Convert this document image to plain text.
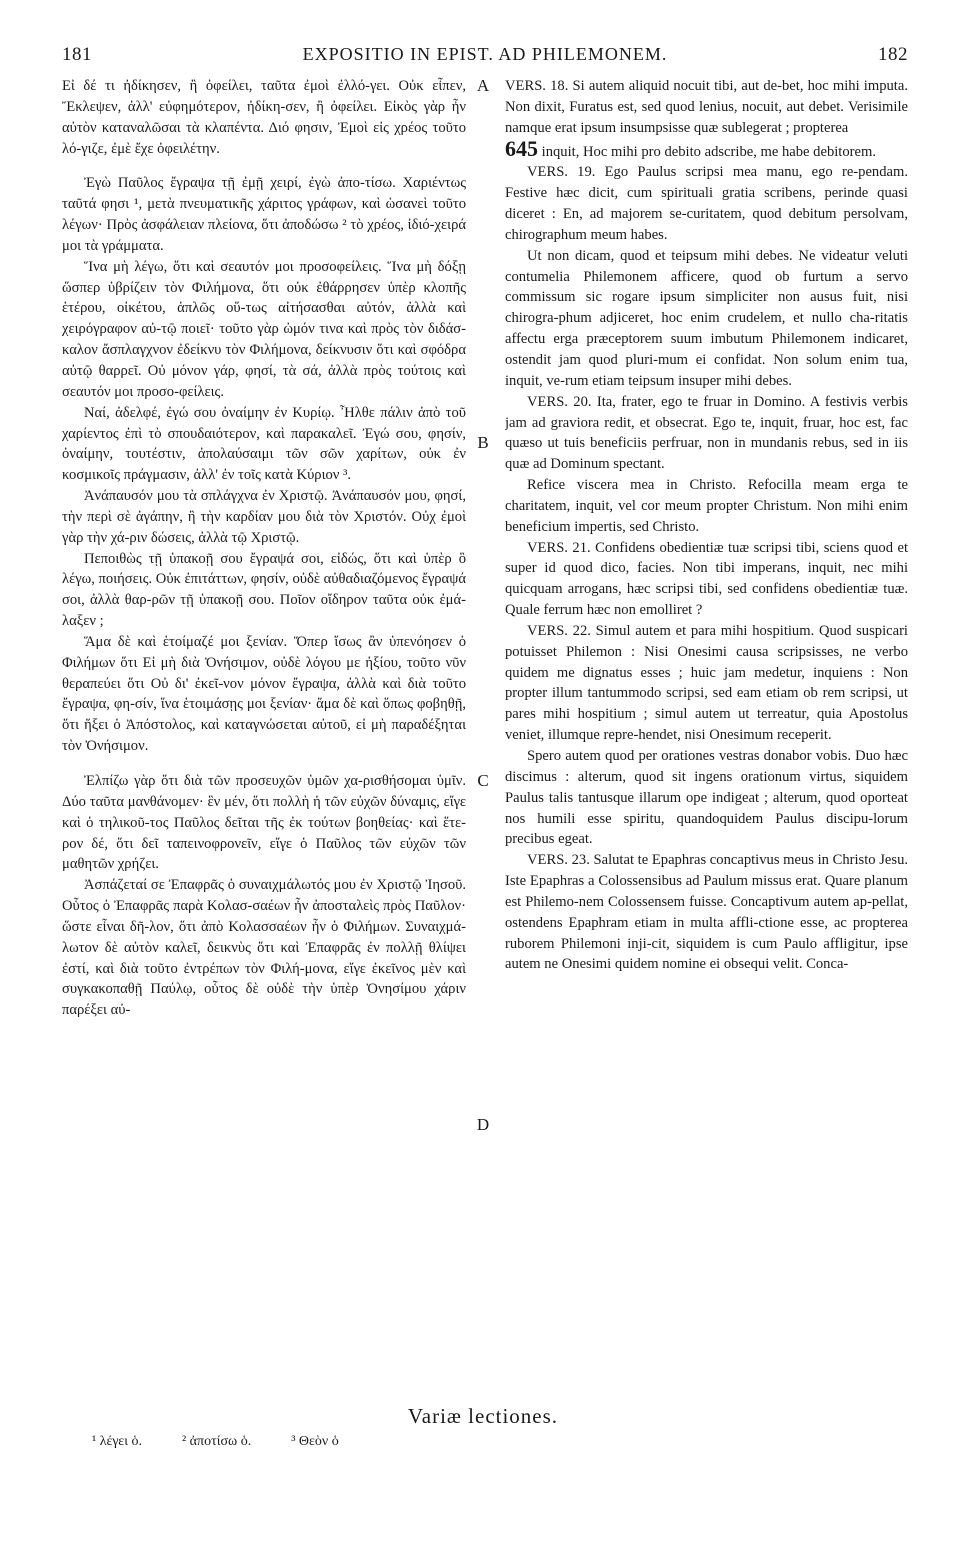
181	EXPOSITIO IN EPIST. AD PHILEMONEM.	182
A
B
C
D

Εἰ δέ τι ἠδίκησεν, ἢ ὀφείλει, ταῦτα ἐμοὶ ἐλλό-γει. Οὐκ εἶπεν, Ἔκλεψεν, ἀλλ' εὐφημότερον, ἠδίκη-σεν, ἢ ὀφείλει. Εἰκὸς γὰρ ἦν αὐτὸν καταναλῶσαι τὰ κλαπέντα. Διό φησιν, Ἐμοὶ εἰς χρέος τοῦτο λό-γιζε, ἐμὲ ἔχε ὀφειλέτην.

Ἐγὼ Παῦλος ἔγραψα τῇ ἐμῇ χειρί, ἐγὼ ἀπο-τίσω. Χαριέντως ταῦτά φησι ¹, μετὰ πνευματικῆς χάριτος γράφων, καὶ ὡσανεὶ τοῦτο λέγων· Πρὸς ἀσφάλειαν πλείονα, ὅτι ἀποδώσω ² τὸ χρέος, ἰδιό-χειρά μοι τὰ γράμματα.

Ἵνα μὴ λέγω, ὅτι καὶ σεαυτόν μοι προσοφείλεις. Ἵνα μὴ δόξῃ ὥσπερ ὑβρίζειν τὸν Φιλήμονα, ὅτι οὐκ ἐθάρρησεν ὑπὲρ κλοπῆς ἑτέρου, οἰκέτου, ἁπλῶς οὕ-τως αἰτήσασθαι αὐτόν, ἀλλὰ καὶ χειρόγραφον αὐ-τῷ ποιεῖ· τοῦτο γὰρ ὠμόν τινα καὶ πρὸς τὸν διδάσ-καλον ἄσπλαγχνον ἐδείκνυ τὸν Φιλήμονα, δείκνυσιν ὅτι καὶ σφόδρα αὐτῷ θαρρεῖ. Οὐ μόνον γάρ, φησί, τὰ σά, ἀλλὰ πρὸς τούτοις καὶ σεαυτόν μοι προσο-φείλεις.

Ναί, ἀδελφέ, ἐγώ σου ὀναίμην ἐν Κυρίῳ. Ἦλθε πάλιν ἀπὸ τοῦ χαρίεντος ἐπὶ τὸ σπουδαιότερον, καὶ παρακαλεῖ. Ἐγώ σου, φησίν, ὀναίμην, τουτέστιν, ἀπολαύσαιμι τῶν σῶν χαρίτων, οὐκ ἐν κοσμικοῖς πράγμασιν, ἀλλ' ἐν τοῖς κατὰ Κύριον ³.

Ἀνάπαυσόν μου τὰ σπλάγχνα ἐν Χριστῷ. Ἀνάπαυσόν μου, φησί, τὴν περὶ σὲ ἀγάπην, ἢ τὴν καρδίαν μου διὰ τὸν Χριστόν. Οὐχ ἐμοὶ γὰρ τὴν χά-ριν δώσεις, ἀλλὰ τῷ Χριστῷ.

Πεποιθὼς τῇ ὑπακοῇ σου ἔγραψά σοι, εἰδώς, ὅτι καὶ ὑπὲρ ὃ λέγω, ποιήσεις. Οὐκ ἐπιτάττων, φησίν, οὐδὲ αὐθαδιαζόμενος ἔγραψά σοι, ἀλλὰ θαρ-ρῶν τῇ ὑπακοῇ σου. Ποῖον οἴδηρον ταῦτα οὐκ ἐμά-λαξεν ;

Ἅμα δὲ καὶ ἑτοίμαζέ μοι ξενίαν. Ὅπερ ἴσως ἂν ὑπενόησεν ὁ Φιλήμων ὅτι Εἰ μὴ διὰ Ὀνήσιμον, οὐδὲ λόγου με ἠξίου, τοῦτο νῦν θεραπεύει ὅτι Οὐ δι' ἐκεῖ-νον μόνον ἔγραψα, ἀλλὰ καὶ διὰ τοῦτο ἔγραψα, φη-σίν, ἵνα ἑτοιμάσῃς μοι ξενίαν· ἅμα δὲ καὶ ὅπως φοβηθῇ, ὅτι ἥξει ὁ Ἀπόστολος, καὶ καταγνώσεται αὐτοῦ, εἰ μὴ παραδέξηται τὸν Ὀνήσιμον.

Ἐλπίζω γὰρ ὅτι διὰ τῶν προσευχῶν ὑμῶν χα-ρισθήσομαι ὑμῖν. Δύο ταῦτα μανθάνομεν· ἓν μέν, ὅτι πολλὴ ἡ τῶν εὐχῶν δύναμις, εἴγε καὶ ὁ τηλικοῦ-τος Παῦλος δεῖται τῆς ἐκ τούτων βοηθείας· καὶ ἕτε-ρον δέ, ὅτι δεῖ ταπεινοφρονεῖν, εἴγε ὁ Παῦλος τῶν εὐχῶν τῶν μαθητῶν χρήζει.

Ἀσπάζεταί σε Ἐπαφρᾶς ὁ συναιχμάλωτός μου ἐν Χριστῷ Ἰησοῦ. Οὗτος ὁ Ἐπαφρᾶς παρὰ Κολασ-σαέων ἦν ἀποσταλεὶς πρὸς Παῦλον· ὥστε εἶναι δῆ-λον, ὅτι ἀπὸ Κολασσαέων ἦν ὁ Φιλήμων. Συναιχμά-λωτον δὲ αὐτὸν καλεῖ, δεικνὺς ὅτι καὶ Ἐπαφρᾶς ἐν πολλῇ θλίψει ἐστί, καὶ διὰ τοῦτο ἐντρέπων τὸν Φιλή-μονα, εἴγε ἐκεῖνος μὲν καὶ συγκακοπαθῇ Παύλῳ, οὗτος δὲ οὐδὲ τὴν ὑπὲρ Ὀνησίμου χάριν παρέξει αὐ-

VERS. 18. Si autem aliquid nocuit tibi, aut de-bet, hoc mihi imputa. Non dixit, Furatus est, sed quod lenius, nocuit, aut debet. Verisimile namque erat ipsum insumpsisse quæ sublegerat ; propterea
645 inquit, Hoc mihi pro debito adscribe, me habe debitorem.

VERS. 19. Ego Paulus scripsi mea manu, ego re-pendam. Festive hæc dicit, cum spirituali gratia scribens, perinde quasi diceret : En, ad majorem se-curitatem, quod debitum persolvam, chirographum meum habes.

Ut non dicam, quod et teipsum mihi debes. Ne videatur veluti contumelia Philemonem afficere, quod ob furtum a servo commissum sic rogare ipsum simpliciter non ausus fuit, nisi chirogra-phum adjiceret, hoc enim crudelem, et nullo cha-ritatis affectu erga præceptorem suum imbutum Philemonem indicaret, ostendit jam quod pluri-mum ei confidat. Non solum enim tua, inquit, ve-rum etiam teipsum insuper mihi debes.

VERS. 20. Ita, frater, ego te fruar in Domino. A festivis verbis jam ad graviora redit, et obsecrat. Ego te, inquit, fruar, hoc est, fac quæso ut tuis beneficiis perfruar, non in mundanis rebus, sed in iis quæ ad Dominum spectant.

Refice viscera mea in Christo. Refocilla meam erga te charitatem, inquit, vel cor meum propter Christum. Non mihi enim beneficium impertis, sed Christo.

VERS. 21. Confidens obedientiæ tuæ scripsi tibi, sciens quod et super id quod dico, facies. Non tibi imperans, inquit, nec mihi quicquam arrogans, hæc scripsi tibi, sed confidens obedientiæ tuæ. Quale ferrum hæc non emolliret ?

VERS. 22. Simul autem et para mihi hospitium. Quod suspicari potuisset Philemon : Nisi Onesimi causa scripsisses, ne verbo quidem me dignatus esses ; huic jam medetur, inquiens : Non propter illum tantummodo scripsi, sed eam etiam ob rem scripsi, ut pares mihi hospitium ; simul autem ut terreatur, quia Apostolus veniet, illumque repre-hendet, nisi Onesimum receperit.

Spero autem quod per orationes vestras donabor vobis. Duo hæc discimus : alterum, quod sit ingens orationum virtus, siquidem Paulus talis tantusque illarum ope indigeat ; alterum, quod oporteat nos humili esse spiritu, quandoquidem Paulus discipu-lorum precibus egeat.

VERS. 23. Salutat te Epaphras concaptivus meus in Christo Jesu. Iste Epaphras a Colossensibus ad Paulum missus erat. Quare planum est Philemo-nem Colossensem fuisse. Concaptivum autem ap-pellat, ostendens Epaphram etiam in multa affli-ctione esse, ac propterea ruborem Philemoni inji-cit, siquidem is cum Paulo affligitur, ipse autem ne Onesimi quidem nomine ei obsequi velit. Conca-

Variæ lectiones.
¹ λέγει ὁ.	² ἀποτίσω ὁ.	³ Θεὸν ὁ
